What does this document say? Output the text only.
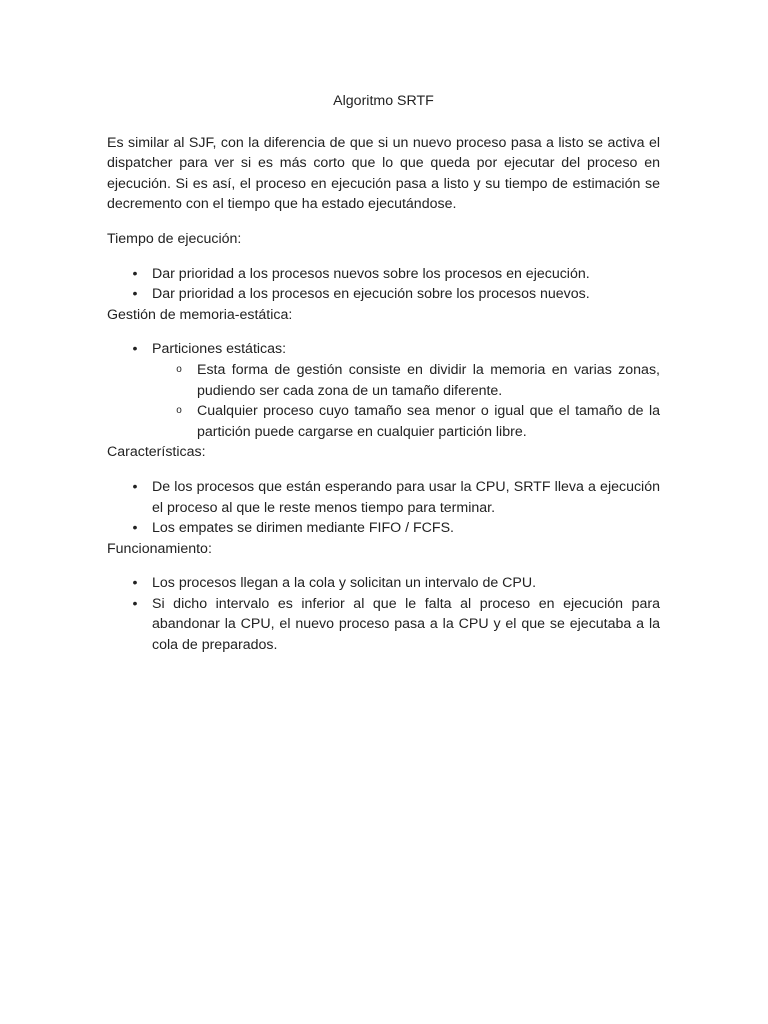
Algoritmo SRTF

Es similar al SJF, con la diferencia de que si un nuevo proceso pasa a listo se activa el dispatcher para ver si es más corto que lo que queda por ejecutar del proceso en ejecución. Si es así, el proceso en ejecución pasa a listo y su tiempo de estimación se decremento con el tiempo que ha estado ejecutándose.

Tiempo de ejecución:

• Dar prioridad a los procesos nuevos sobre los procesos en ejecución.
• Dar prioridad a los procesos en ejecución sobre los procesos nuevos.

Gestión de memoria-estática:

• Particiones estáticas:
o Esta forma de gestión consiste en dividir la memoria en varias zonas, pudiendo ser cada zona de un tamaño diferente.
o Cualquier proceso cuyo tamaño sea menor o igual que el tamaño de la partición puede cargarse en cualquier partición libre.

Características:

• De los procesos que están esperando para usar la CPU, SRTF lleva a ejecución el proceso al que le reste menos tiempo para terminar.
• Los empates se dirimen mediante FIFO / FCFS.

Funcionamiento:

• Los procesos llegan a la cola y solicitan un intervalo de CPU.
• Si dicho intervalo es inferior al que le falta al proceso en ejecución para abandonar la CPU, el nuevo proceso pasa a la CPU y el que se ejecutaba a la cola de preparados.
